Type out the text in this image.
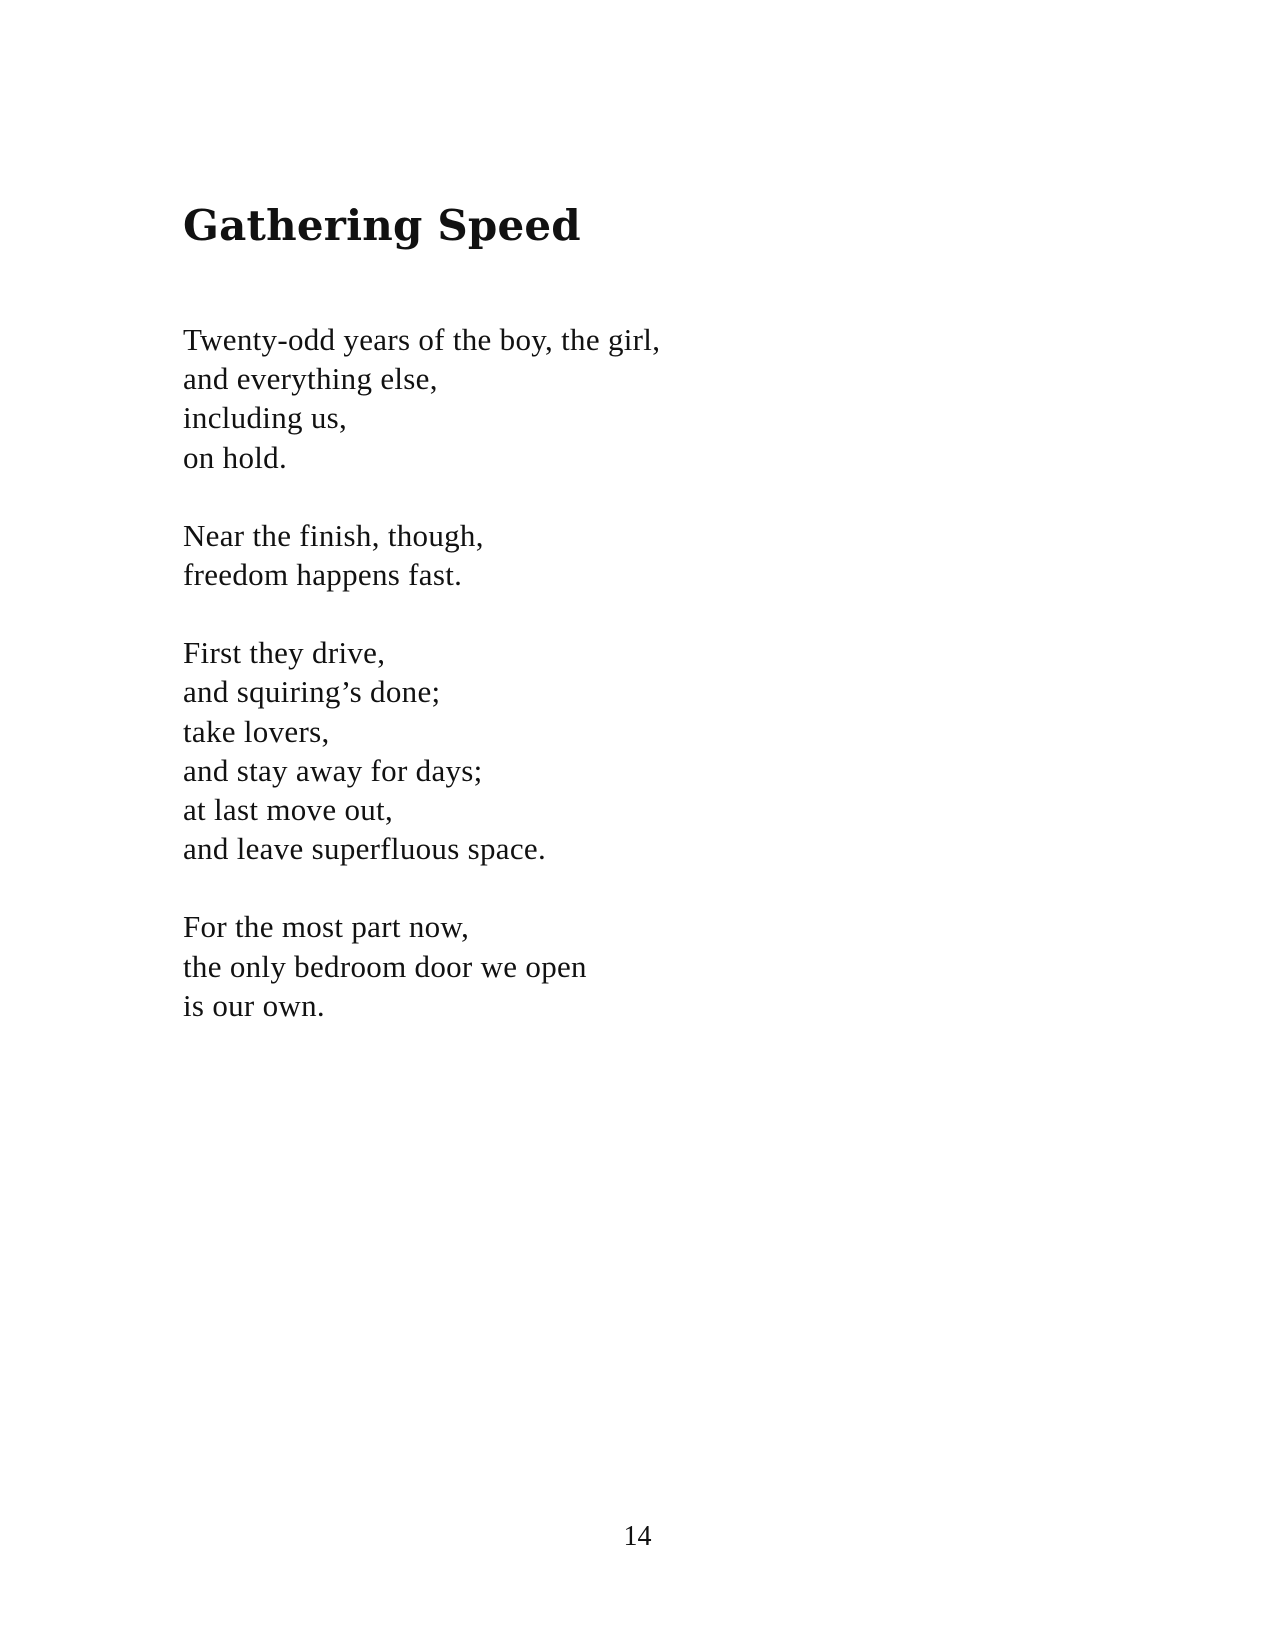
Gathering Speed
Twenty-odd years of the boy, the girl,
and everything else,
including us,
on hold.
Near the finish, though,
freedom happens fast.
First they drive,
and squiring’s done;
take lovers,
and stay away for days;
at last move out,
and leave superfluous space.
For the most part now,
the only bedroom door we open
is our own.
14
